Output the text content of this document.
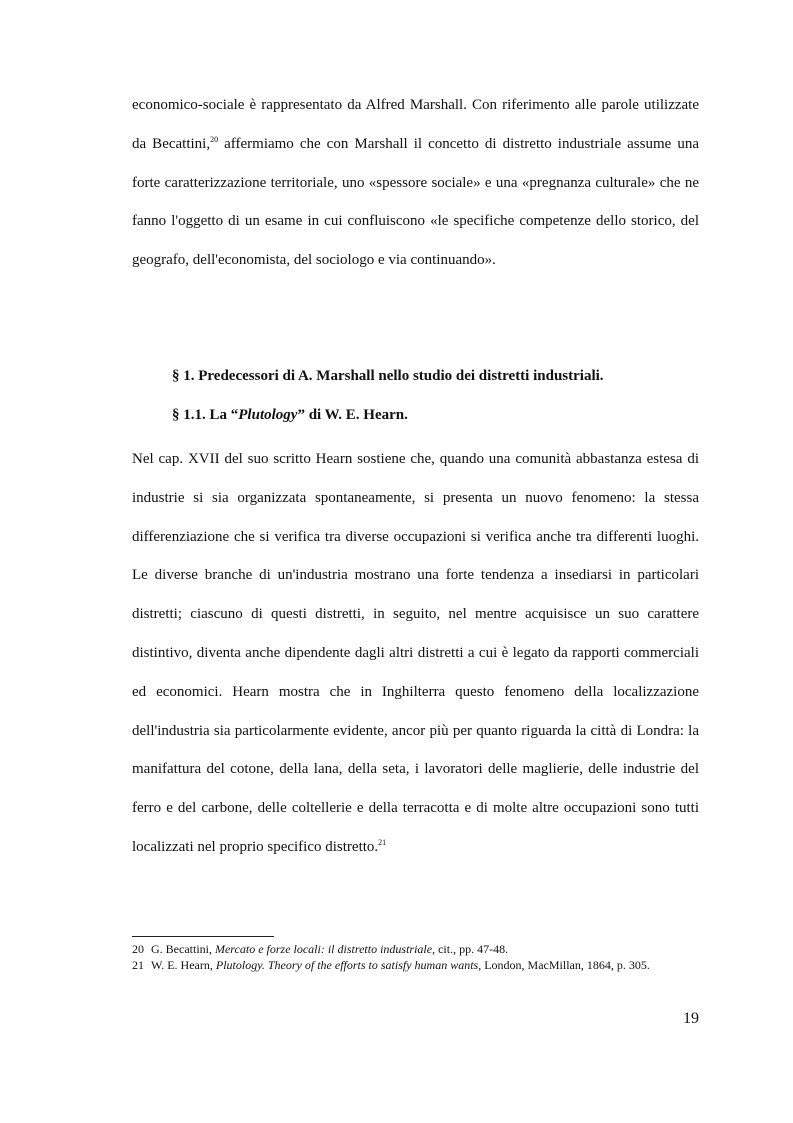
economico-sociale è rappresentato da Alfred Marshall. Con riferimento alle parole utilizzate da Becattini,$^{20}$ affermiamo che con Marshall il concetto di distretto industriale assume una forte caratterizzazione territoriale, uno «spessore sociale» e una «pregnanza culturale» che ne fanno l'oggetto di un esame in cui confluiscono «le specifiche competenze dello storico, del geografo, dell'economista, del sociologo e via continuando».

§ 1. Predecessori di A. Marshall nello studio dei distretti industriali.
§ 1.1. La “Plutology” di W. E. Hearn.

Nel cap. XVII del suo scritto Hearn sostiene che, quando una comunità abbastanza estesa di industrie si sia organizzata spontaneamente, si presenta un nuovo fenomeno: la stessa differenziazione che si verifica tra diverse occupazioni si verifica anche tra differenti luoghi. Le diverse branche di un'industria mostrano una forte tendenza a insediarsi in particolari distretti; ciascuno di questi distretti, in seguito, nel mentre acquisisce un suo carattere distintivo, diventa anche dipendente dagli altri distretti a cui è legato da rapporti commerciali ed economici. Hearn mostra che in Inghilterra questo fenomeno della localizzazione dell'industria sia particolarmente evidente, ancor più per quanto riguarda la città di Londra: la manifattura del cotone, della lana, della seta, i lavoratori delle maglierie, delle industrie del ferro e del carbone, delle coltellerie e della terracotta e di molte altre occupazioni sono tutti localizzati nel proprio specifico distretto.$^{21}$

20 G. Becattini, Mercato e forze locali: il distretto industriale, cit., pp. 47-48.
21 W. E. Hearn, Plutology. Theory of the efforts to satisfy human wants, London, MacMillan, 1864, p. 305.
19
